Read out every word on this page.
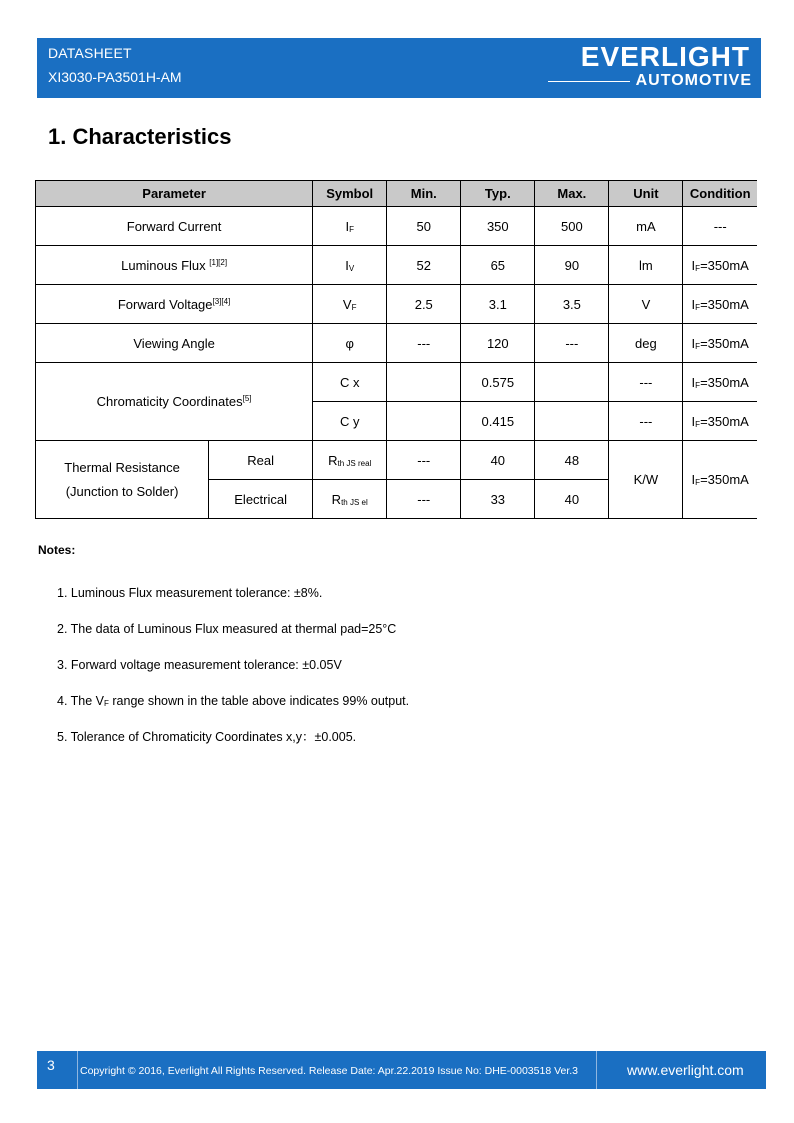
DATASHEET
XI3030-PA3501H-AM
EVERLIGHT
AUTOMOTIVE
1. Characteristics
Parameter		Symbol	Min.	Typ.	Max.	Unit	Condition
Forward Current		$I_F$	50	350	500	mA	---
Luminous Flux [1][2]		$I_V$	52	65	90	lm	$I_F=350mA$
Forward Voltage[3][4]		$V_F$	2.5	3.1	3.5	V	$I_F=350mA$
Viewing Angle		φ	---	120	---	deg	$I_F=350mA$
Chromaticity Coordinates[5]		C x		0.575		---	$I_F=350mA$
		C y		0.415		---	$I_F=350mA$

Thermal Resistance
(Junction to Solder)	Real	$R_{th JS real}$	---	40	48	K/W	$I_F=350mA$
	Electrical	$R_{th JS el}$	---	33	40		
Notes:
1. Luminous Flux measurement tolerance: ±8%.
2. The data of Luminous Flux measured at thermal pad=25°C
3. Forward voltage measurement tolerance: ±0.05V
4. The $V_F$ range shown in the table above indicates 99% output.
5. Tolerance of Chromaticity Coordinates x,y：±0.005.
3 Copyright © 2016, Everlight All Rights Reserved. Release Date: Apr.22.2019 Issue No: DHE-0003518 Ver.3	www.everlight.com
